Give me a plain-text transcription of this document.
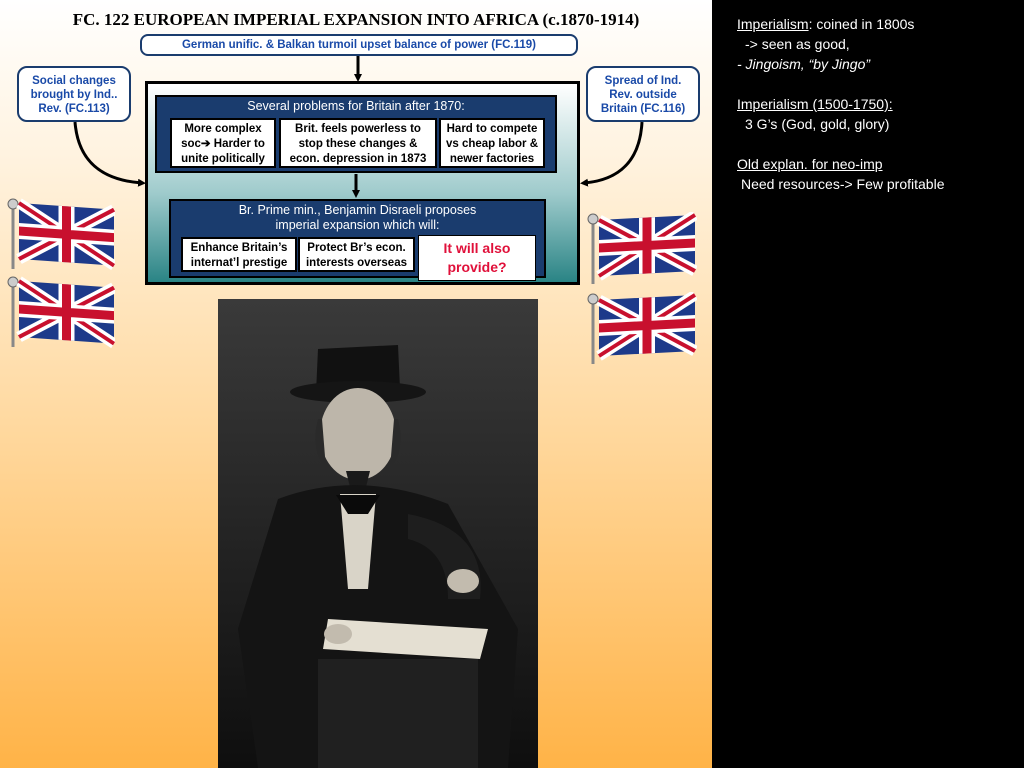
FC. 122 EUROPEAN IMPERIAL EXPANSION INTO AFRICA (c.1870-1914)
German unific. & Balkan turmoil upset balance of power (FC.119)
Social changes
brought by Ind..
Rev. (FC.113)
Spread of Ind.
Rev. outside
Britain (FC.116)
Several problems for Britain after 1870:
More complex
soc➔ Harder to
unite politically
Brit. feels powerless to
stop these changes &
econ. depression in 1873
Hard to compete
vs cheap labor &
newer factories
Br. Prime min., Benjamin Disraeli proposes
imperial expansion which will:
Enhance Britain’s
internat’l prestige
Protect Br’s econ.
interests overseas
It will also
provide?
Imperialism: coined in 1800s
-> seen as good,
- Jingoism, “by Jingo”
Imperialism (1500-1750):
3 G’s (God, gold, glory)
Old explan. for neo-imp
Need resources-> Few profitable
